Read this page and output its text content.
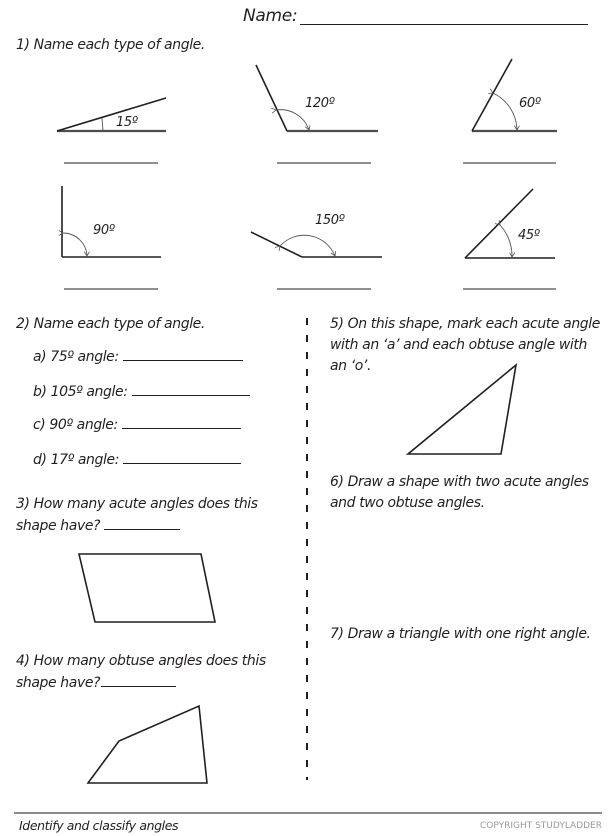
Name:
1) Name each type of angle.
15º
120º	60º
90º
150º
45º
2) Name each type of angle.
a) 75º angle:
b) 105º angle:
c) 90º angle:
d) 17º angle:
3) How many acute angles does this
shape have?
4) How many obtuse angles does this
shape have?
5) On this shape, mark each acute angle
with an ‘a’ and each obtuse angle with
an ‘o’.
6) Draw a shape with two acute angles
and two obtuse angles.
7) Draw a triangle with one right angle.
Identify and classify angles	COPYRIGHT STUDYLADDER
